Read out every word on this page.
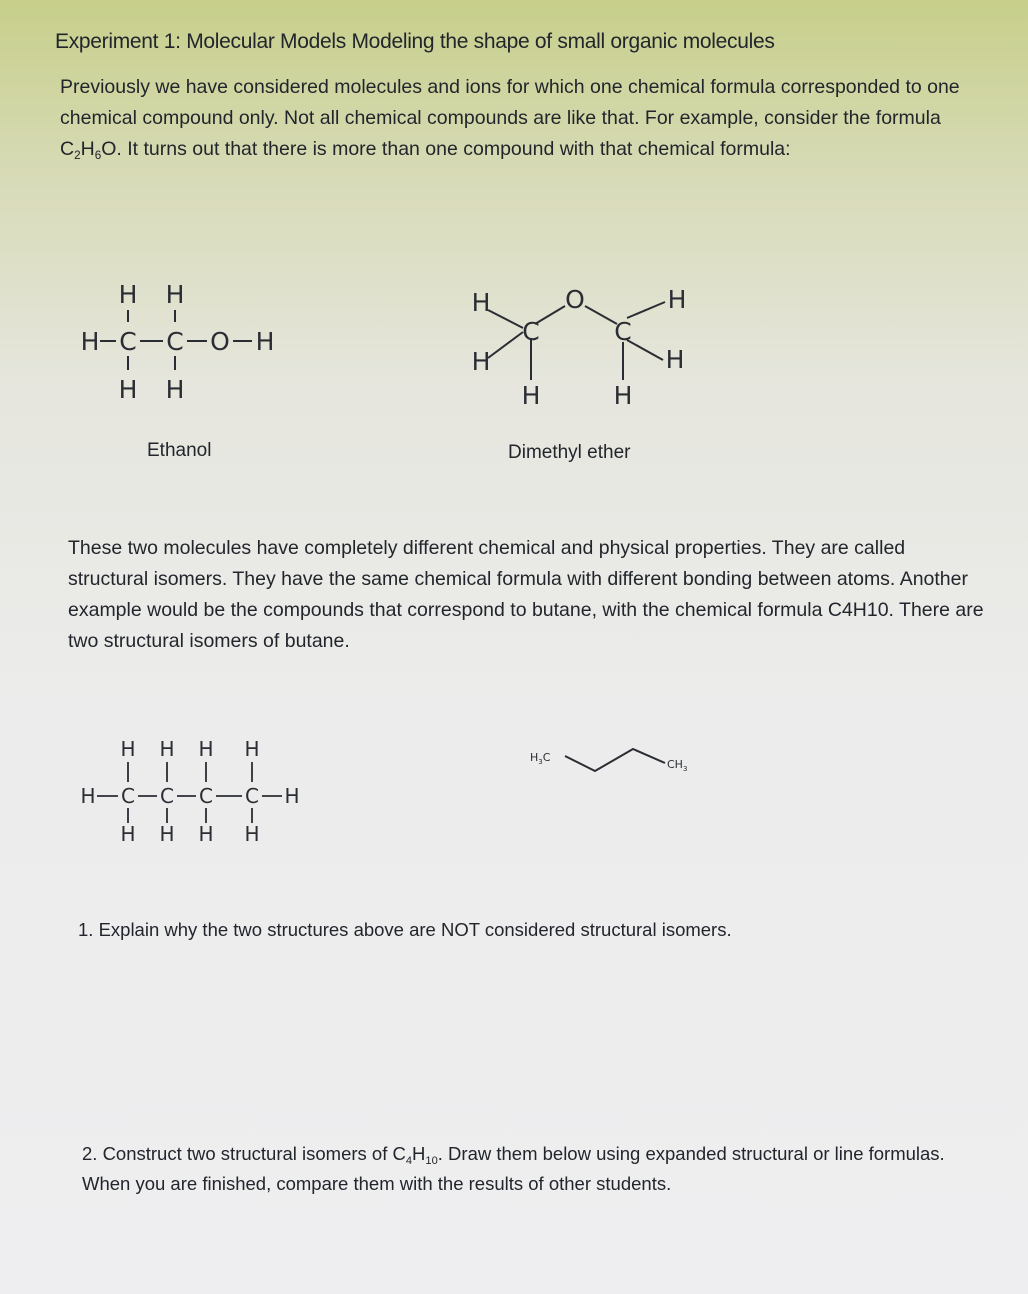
Experiment 1: Molecular Models Modeling the shape of small organic molecules
Previously we have considered molecules and ions for which one chemical formula corresponded to one chemical compound only. Not all chemical compounds are like that. For example, consider the formula $C_2H_6O$. It turns out that there is more than one compound with that chemical formula:
H H
H C C O H
H H
Ethanol
H
H
C
O
C
H
H
H	H
Dimethyl ether
These two molecules have completely different chemical and physical properties. They are called structural isomers. They have the same chemical formula with different bonding between atoms. Another example would be the compounds that correspond to butane, with the chemical formula C4H10. There are two structural isomers of butane.
H H H H
H C C C C H
H H H H
$H_3C$
$CH_3$
1. Explain why the two structures above are NOT considered structural isomers.
2. Construct two structural isomers of $C_4H_{10}$. Draw them below using expanded structural or line formulas. When you are finished, compare them with the results of other students.
